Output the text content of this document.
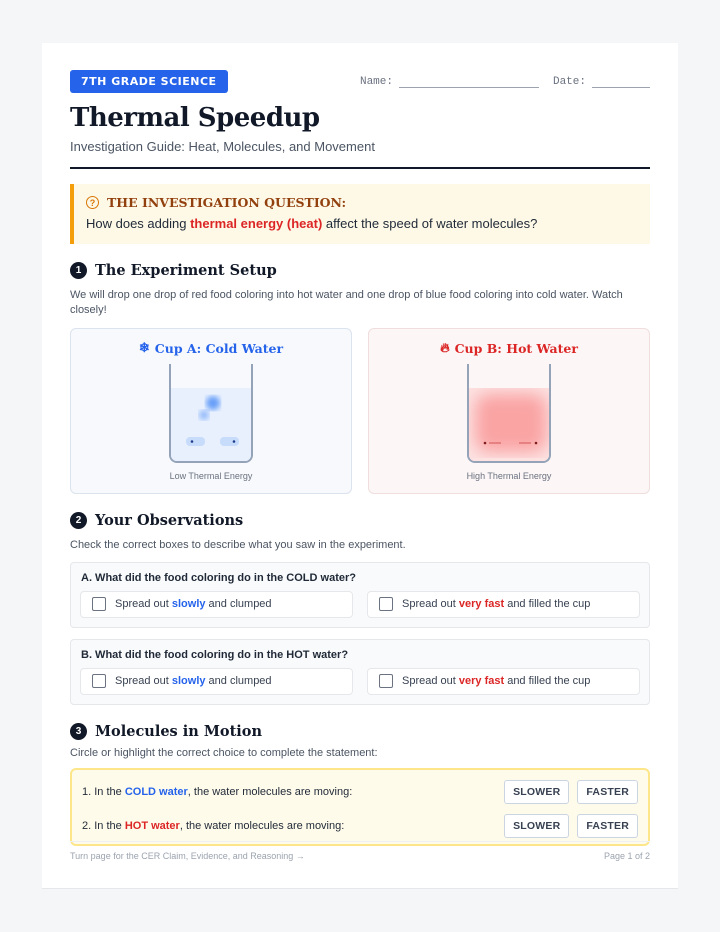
7TH GRADE SCIENCE	Name:	Date:
Thermal Speedup
Investigation Guide: Heat, Molecules, and Movement
? THE INVESTIGATION QUESTION:
How does adding thermal energy (heat) affect the speed of water molecules?
1 The Experiment Setup
We will drop one drop of red food coloring into hot water and one drop of blue food coloring into cold water. Watch closely!
❄ Cup A: Cold Water
Low Thermal Energy
🔥︎ Cup B: Hot Water
High Thermal Energy
2 Your Observations
Check the correct boxes to describe what you saw in the experiment.
A. What did the food coloring do in the COLD water?
Spread out slowly and clumped	Spread out very fast and filled the cup
B. What did the food coloring do in the HOT water?
Spread out slowly and clumped	Spread out very fast and filled the cup
3 Molecules in Motion
Circle or highlight the correct choice to complete the statement:
1. In the COLD water, the water molecules are moving:	SLOWER	FASTER
2. In the HOT water, the water molecules are moving:	SLOWER	FASTER
Turn page for the CER Claim, Evidence, and Reasoning →	Page 1 of 2
